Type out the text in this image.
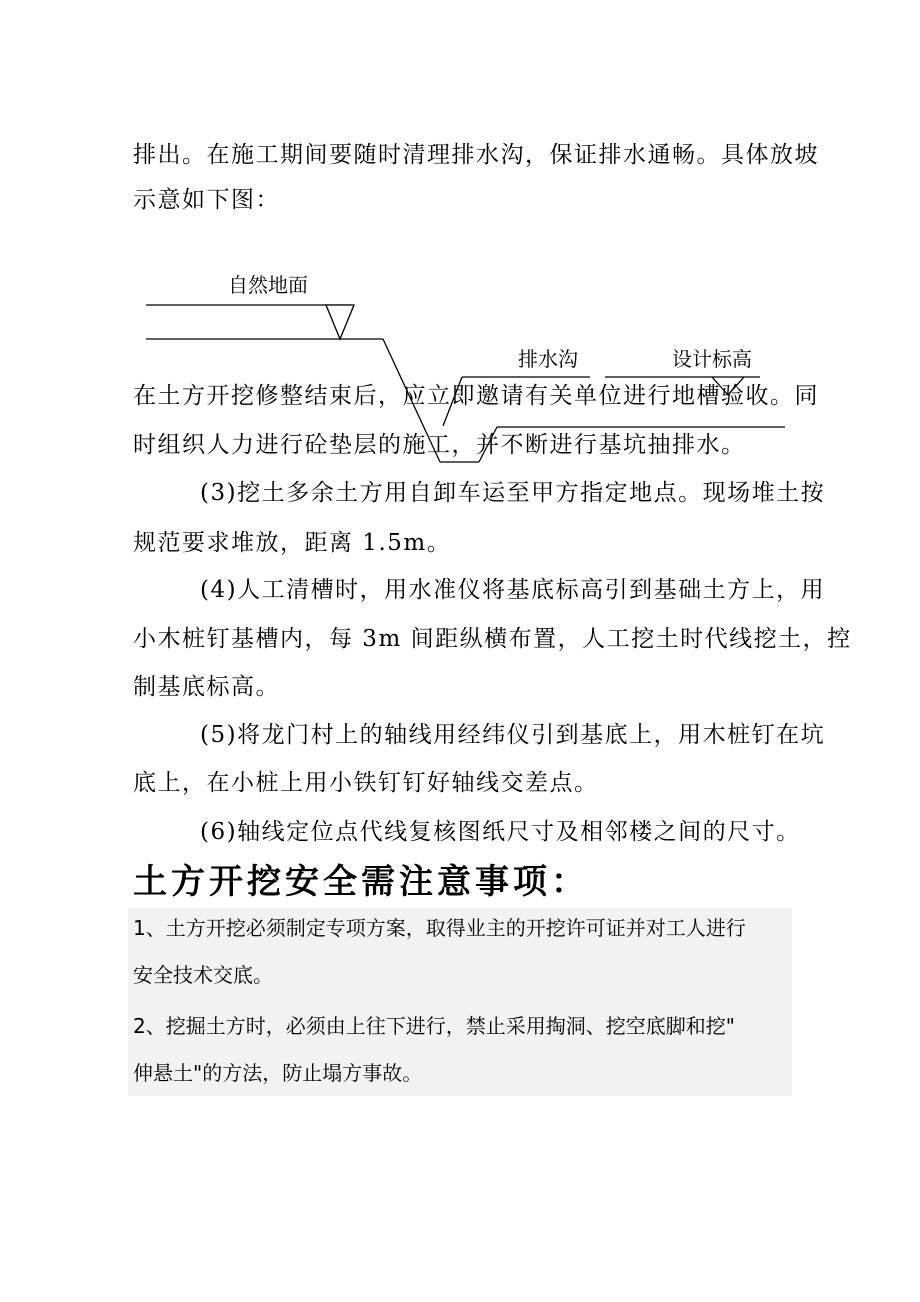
排出。在施工期间要随时清理排水沟，保证排水通畅。具体放坡
示意如下图：
在土方开挖修整结束后，应立即邀请有关单位进行地槽验收。同
时组织人力进行砼垫层的施工，并不断进行基坑抽排水。
自然地面
排水沟	设计标高
(3)挖土多余土方用自卸车运至甲方指定地点。现场堆土按
规范要求堆放，距离 1.5m。
(4)人工清槽时，用水准仪将基底标高引到基础土方上，用
小木桩钉基槽内，每 3m 间距纵横布置，人工挖土时代线挖土，控
制基底标高。
(5)将龙门村上的轴线用经纬仪引到基底上，用木桩钉在坑
底上，在小桩上用小铁钉钉好轴线交差点。
(6)轴线定位点代线复核图纸尺寸及相邻楼之间的尺寸。
土方开挖安全需注意事项：
1、土方开挖必须制定专项方案，取得业主的开挖许可证并对工人进行
安全技术交底。
2、挖掘土方时，必须由上往下进行，禁止采用掏洞、挖空底脚和挖"
伸悬土"的方法，防止塌方事故。
